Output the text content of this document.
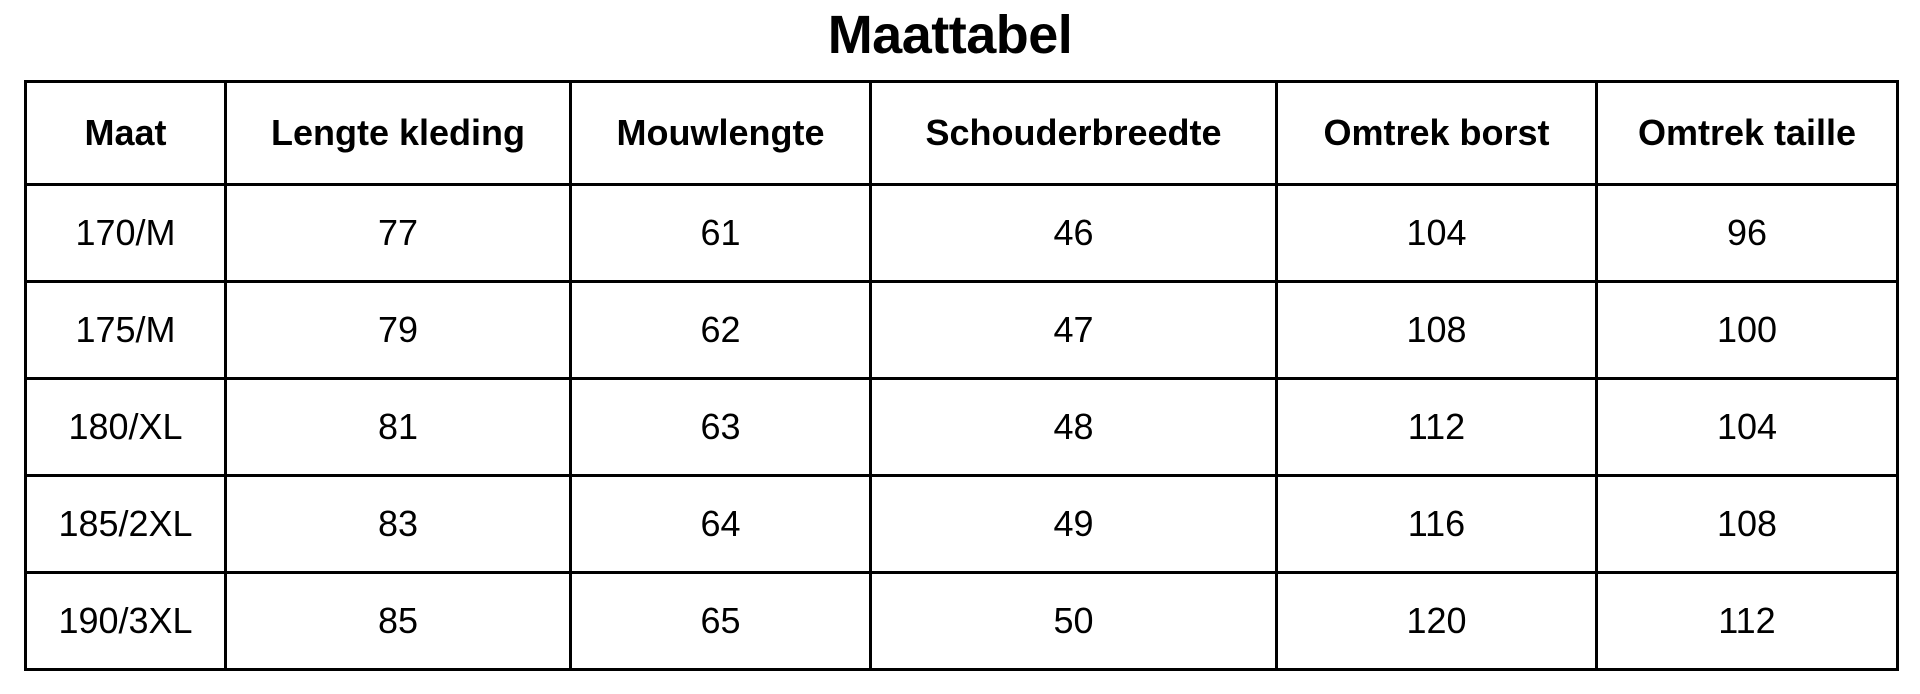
Maattabel
Maat	Lengte kleding	Mouwlengte	Schouderbreedte	Omtrek borst	Omtrek taille
170/M	77	61	46	104	96
175/M	79	62	47	108	100
180/XL	81	63	48	112	104
185/2XL	83	64	49	116	108
190/3XL	85	65	50	120	112
